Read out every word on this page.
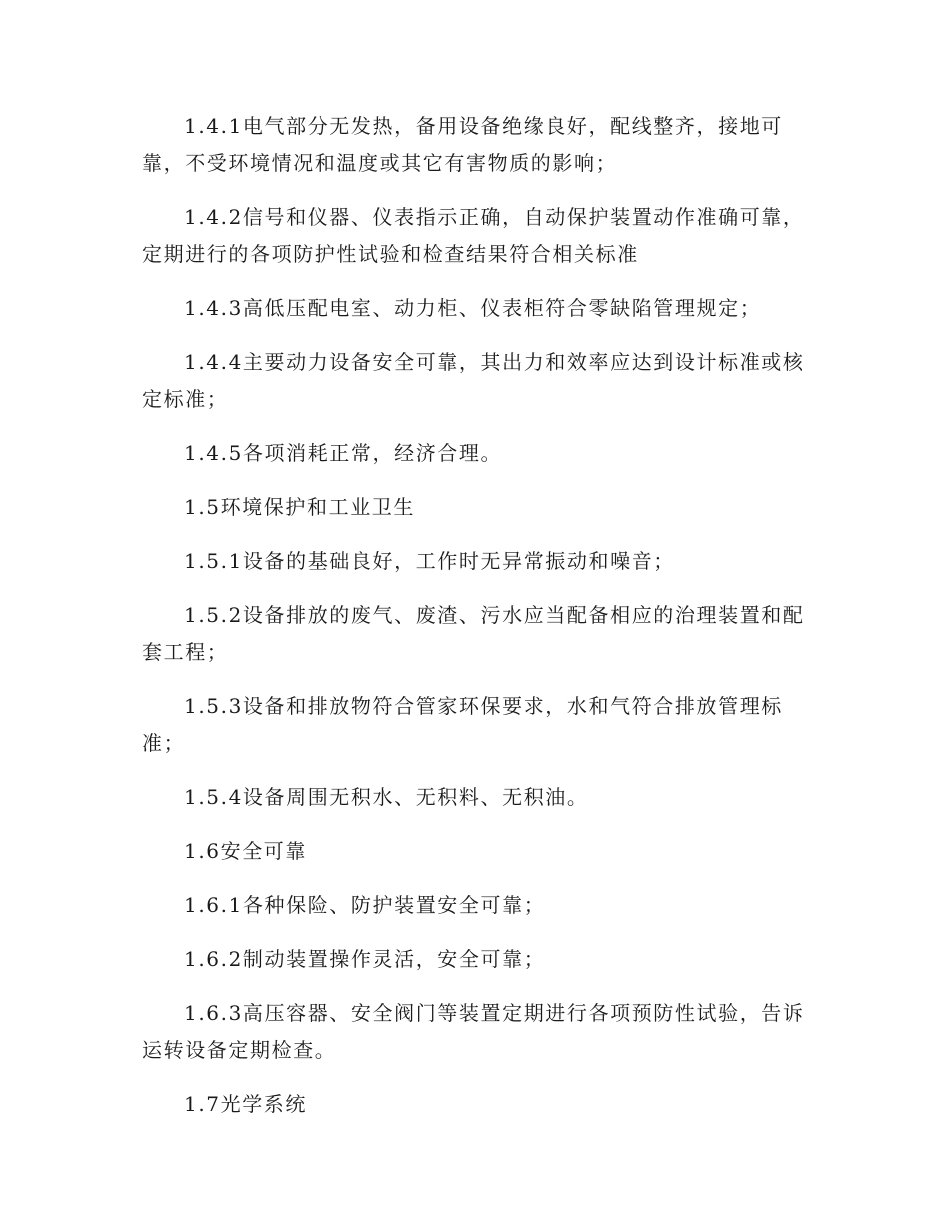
1.4.1电气部分无发热，备用设备绝缘良好，配线整齐，接地可靠，不受环境情况和温度或其它有害物质的影响；

1.4.2信号和仪器、仪表指示正确，自动保护装置动作准确可靠，定期进行的各项防护性试验和检查结果符合相关标准

1.4.3高低压配电室、动力柜、仪表柜符合零缺陷管理规定；

1.4.4主要动力设备安全可靠，其出力和效率应达到设计标准或核定标准；

1.4.5各项消耗正常，经济合理。

1.5环境保护和工业卫生

1.5.1设备的基础良好，工作时无异常振动和噪音；

1.5.2设备排放的废气、废渣、污水应当配备相应的治理装置和配套工程；

1.5.3设备和排放物符合管家环保要求，水和气符合排放管理标准；

1.5.4设备周围无积水、无积料、无积油。

1.6安全可靠

1.6.1各种保险、防护装置安全可靠；

1.6.2制动装置操作灵活，安全可靠；

1.6.3高压容器、安全阀门等装置定期进行各项预防性试验，告诉运转设备定期检查。

1.7光学系统
